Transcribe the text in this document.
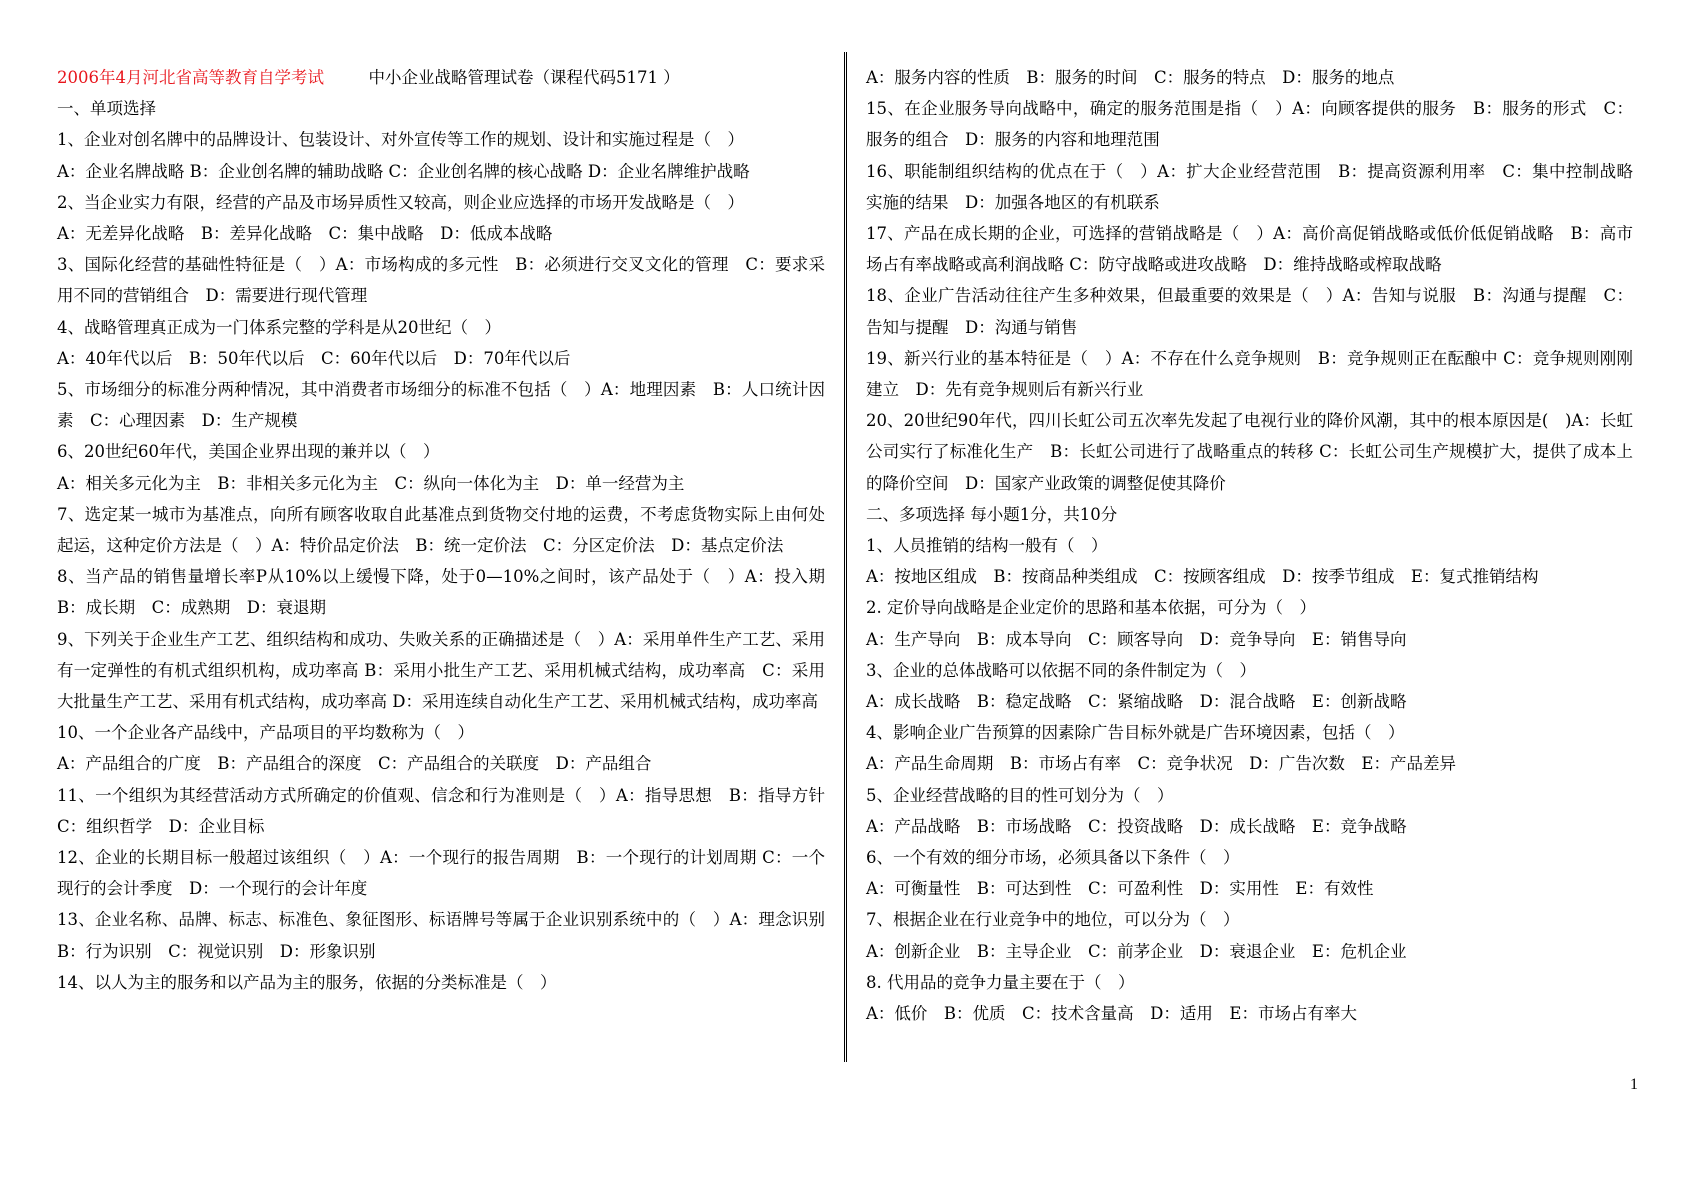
2006年4月河北省高等教育自学考试	中小企业战略管理试卷（课程代码5171 ）

一、单项选择

1、企业对创名牌中的品牌设计、包装设计、对外宣传等工作的规划、设计和实施过程是（　）

A：企业名牌战略 B：企业创名牌的辅助战略 C：企业创名牌的核心战略 D：企业名牌维护战略

2、当企业实力有限，经营的产品及市场异质性又较高，则企业应选择的市场开发战略是（　）

A：无差异化战略　B：差异化战略　C：集中战略　D：低成本战略

3、国际化经营的基础性特征是（　）A：市场构成的多元性　B：必须进行交叉文化的管理　C：要求采用不同的营销组合　D：需要进行现代管理

4、战略管理真正成为一门体系完整的学科是从20世纪（　）

A：40年代以后　B：50年代以后　C：60年代以后　D：70年代以后

5、市场细分的标准分两种情况，其中消费者市场细分的标准不包括（　）A：地理因素　B：人口统计因素　C：心理因素　D：生产规模

6、20世纪60年代，美国企业界出现的兼并以（　）

A：相关多元化为主　B：非相关多元化为主　C：纵向一体化为主　D：单一经营为主

7、选定某一城市为基准点，向所有顾客收取自此基准点到货物交付地的运费，不考虑货物实际上由何处起运，这种定价方法是（　）A：特价品定价法　B：统一定价法　C：分区定价法　D：基点定价法

8、当产品的销售量增长率P从10%以上缓慢下降，处于0—10%之间时，该产品处于（　）A：投入期　B：成长期　C：成熟期　D：衰退期

9、下列关于企业生产工艺、组织结构和成功、失败关系的正确描述是（　）A：采用单件生产工艺、采用有一定弹性的有机式组织机构，成功率高 B：采用小批生产工艺、采用机械式结构，成功率高　C：采用大批量生产工艺、采用有机式结构，成功率高 D：采用连续自动化生产工艺、采用机械式结构，成功率高

10、一个企业各产品线中，产品项目的平均数称为（　）

A：产品组合的广度　B：产品组合的深度　C：产品组合的关联度　D：产品组合

11、一个组织为其经营活动方式所确定的价值观、信念和行为准则是（　）A：指导思想　B：指导方针　C：组织哲学　D：企业目标

12、企业的长期目标一般超过该组织（　）A：一个现行的报告周期　B：一个现行的计划周期 C：一个现行的会计季度　D：一个现行的会计年度

13、企业名称、品牌、标志、标准色、象征图形、标语牌号等属于企业识别系统中的（　）A：理念识别　B：行为识别　C：视觉识别　D：形象识别

14、以人为主的服务和以产品为主的服务，依据的分类标准是（　）

A：服务内容的性质　B：服务的时间　C：服务的特点　D：服务的地点

15、在企业服务导向战略中，确定的服务范围是指（　）A：向顾客提供的服务　B：服务的形式　C：服务的组合　D：服务的内容和地理范围

16、职能制组织结构的优点在于（　）A：扩大企业经营范围　B：提高资源利用率　C：集中控制战略实施的结果　D：加强各地区的有机联系

17、产品在成长期的企业，可选择的营销战略是（　）A：高价高促销战略或低价低促销战略　B：高市场占有率战略或高利润战略 C：防守战略或进攻战略　D：维持战略或榨取战略

18、企业广告活动往往产生多种效果，但最重要的效果是（　）A：告知与说服　B：沟通与提醒　C：告知与提醒　D：沟通与销售

19、新兴行业的基本特征是（　）A：不存在什么竞争规则　B：竞争规则正在酝酿中 C：竞争规则刚刚建立　D：先有竞争规则后有新兴行业

20、20世纪90年代，四川长虹公司五次率先发起了电视行业的降价风潮，其中的根本原因是(　)A：长虹公司实行了标准化生产　B：长虹公司进行了战略重点的转移 C：长虹公司生产规模扩大，提供了成本上的降价空间　D：国家产业政策的调整促使其降价

二、多项选择 每小题1分，共10分

1、人员推销的结构一般有（　）

A：按地区组成　B：按商品种类组成　C：按顾客组成　D：按季节组成　E：复式推销结构

2. 定价导向战略是企业定价的思路和基本依据，可分为（　）

A：生产导向　B：成本导向　C：顾客导向　D：竞争导向　E：销售导向

3、企业的总体战略可以依据不同的条件制定为（　）

A：成长战略　B：稳定战略　C：紧缩战略　D：混合战略　E：创新战略

4、影响企业广告预算的因素除广告目标外就是广告环境因素，包括（　）

A：产品生命周期　B：市场占有率　C：竞争状况　D：广告次数　E：产品差异

5、企业经营战略的目的性可划分为（　）

A：产品战略　B：市场战略　C：投资战略　D：成长战略　E：竞争战略

6、一个有效的细分市场，必须具备以下条件（　）

A：可衡量性　B：可达到性　C：可盈利性　D：实用性　E：有效性

7、根据企业在行业竞争中的地位，可以分为（　）

A：创新企业　B：主导企业　C：前茅企业　D：衰退企业　E：危机企业

8. 代用品的竞争力量主要在于（　）

A：低价　B：优质　C：技术含量高　D：适用　E：市场占有率大

1
